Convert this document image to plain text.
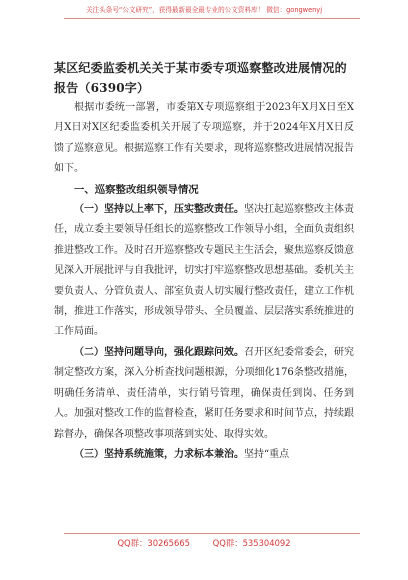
关注头条号“公文研究”，获得最新最全最专业的公文资料库！ 微信：gongwenyj
某区纪委监委机关关于某市委专项巡察整改进展情况的报告（6390字）

根据市委统一部署，市委第X专项巡察组于2023年X月X日至X月X日对X区纪委监委机关开展了专项巡察，并于2024年X月X日反馈了巡察意见。根据巡察工作有关要求，现将巡察整改进展情况报告如下。

一、巡察整改组织领导情况

（一）坚持以上率下，压实整改责任。坚决扛起巡察整改主体责任，成立委主要领导任组长的巡察整改工作领导小组，全面负责组织推进整改工作。及时召开巡察整改专题民主生活会，聚焦巡察反馈意见深入开展批评与自我批评，切实打牢巡察整改思想基础。委机关主要负责人、分管负责人、部室负责人切实履行整改责任，建立工作机制，推进工作落实，形成领导带头、全员覆盖、层层落实系统推进的工作局面。

（二）坚持问题导向，强化跟踪问效。召开区纪委常委会，研究制定整改方案，深入分析查找问题根源，分项细化176条整改措施，明确任务清单、责任清单，实行销号管理，确保责任到岗、任务到人。加强对整改工作的监督检查，紧盯任务要求和时间节点，持续跟踪督办，确保各项整改事项落到实处、取得实效。

（三）坚持系统施策，力求标本兼治。坚持“重点

QQ群：30265665	QQ群：535304092
